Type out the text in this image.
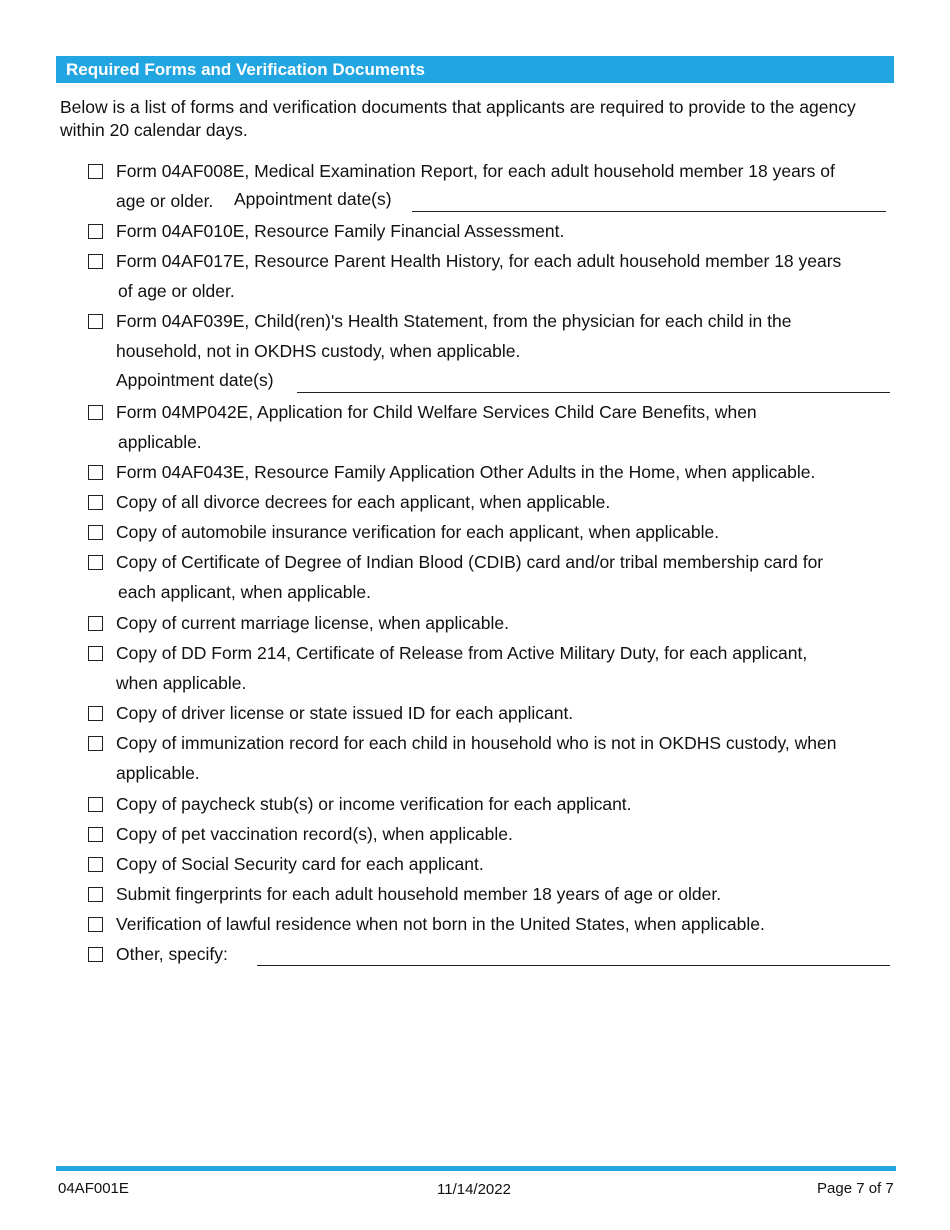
Required Forms and Verification Documents
Below is a list of forms and verification documents that applicants are required to provide to the agency within 20 calendar days.
Form 04AF008E, Medical Examination Report, for each adult household member 18 years of
age or older. Appointment date(s)
Form 04AF010E, Resource Family Financial Assessment.
Form 04AF017E, Resource Parent Health History, for each adult household member 18 years
of age or older.
Form 04AF039E, Child(ren)'s Health Statement, from the physician for each child in the
household, not in OKDHS custody, when applicable.
Appointment date(s)
Form 04MP042E, Application for Child Welfare Services Child Care Benefits, when
applicable.
Form 04AF043E, Resource Family Application Other Adults in the Home, when applicable.
Copy of all divorce decrees for each applicant, when applicable.
Copy of automobile insurance verification for each applicant, when applicable.
Copy of Certificate of Degree of Indian Blood (CDIB) card and/or tribal membership card for
each applicant, when applicable.
Copy of current marriage license, when applicable.
Copy of DD Form 214, Certificate of Release from Active Military Duty, for each applicant,
when applicable.
Copy of driver license or state issued ID for each applicant.
Copy of immunization record for each child in household who is not in OKDHS custody, when
applicable.
Copy of paycheck stub(s) or income verification for each applicant.
Copy of pet vaccination record(s), when applicable.
Copy of Social Security card for each applicant.
Submit fingerprints for each adult household member 18 years of age or older.
Verification of lawful residence when not born in the United States, when applicable.
Other, specify:
04AF001E	11/14/2022	Page 7 of 7
